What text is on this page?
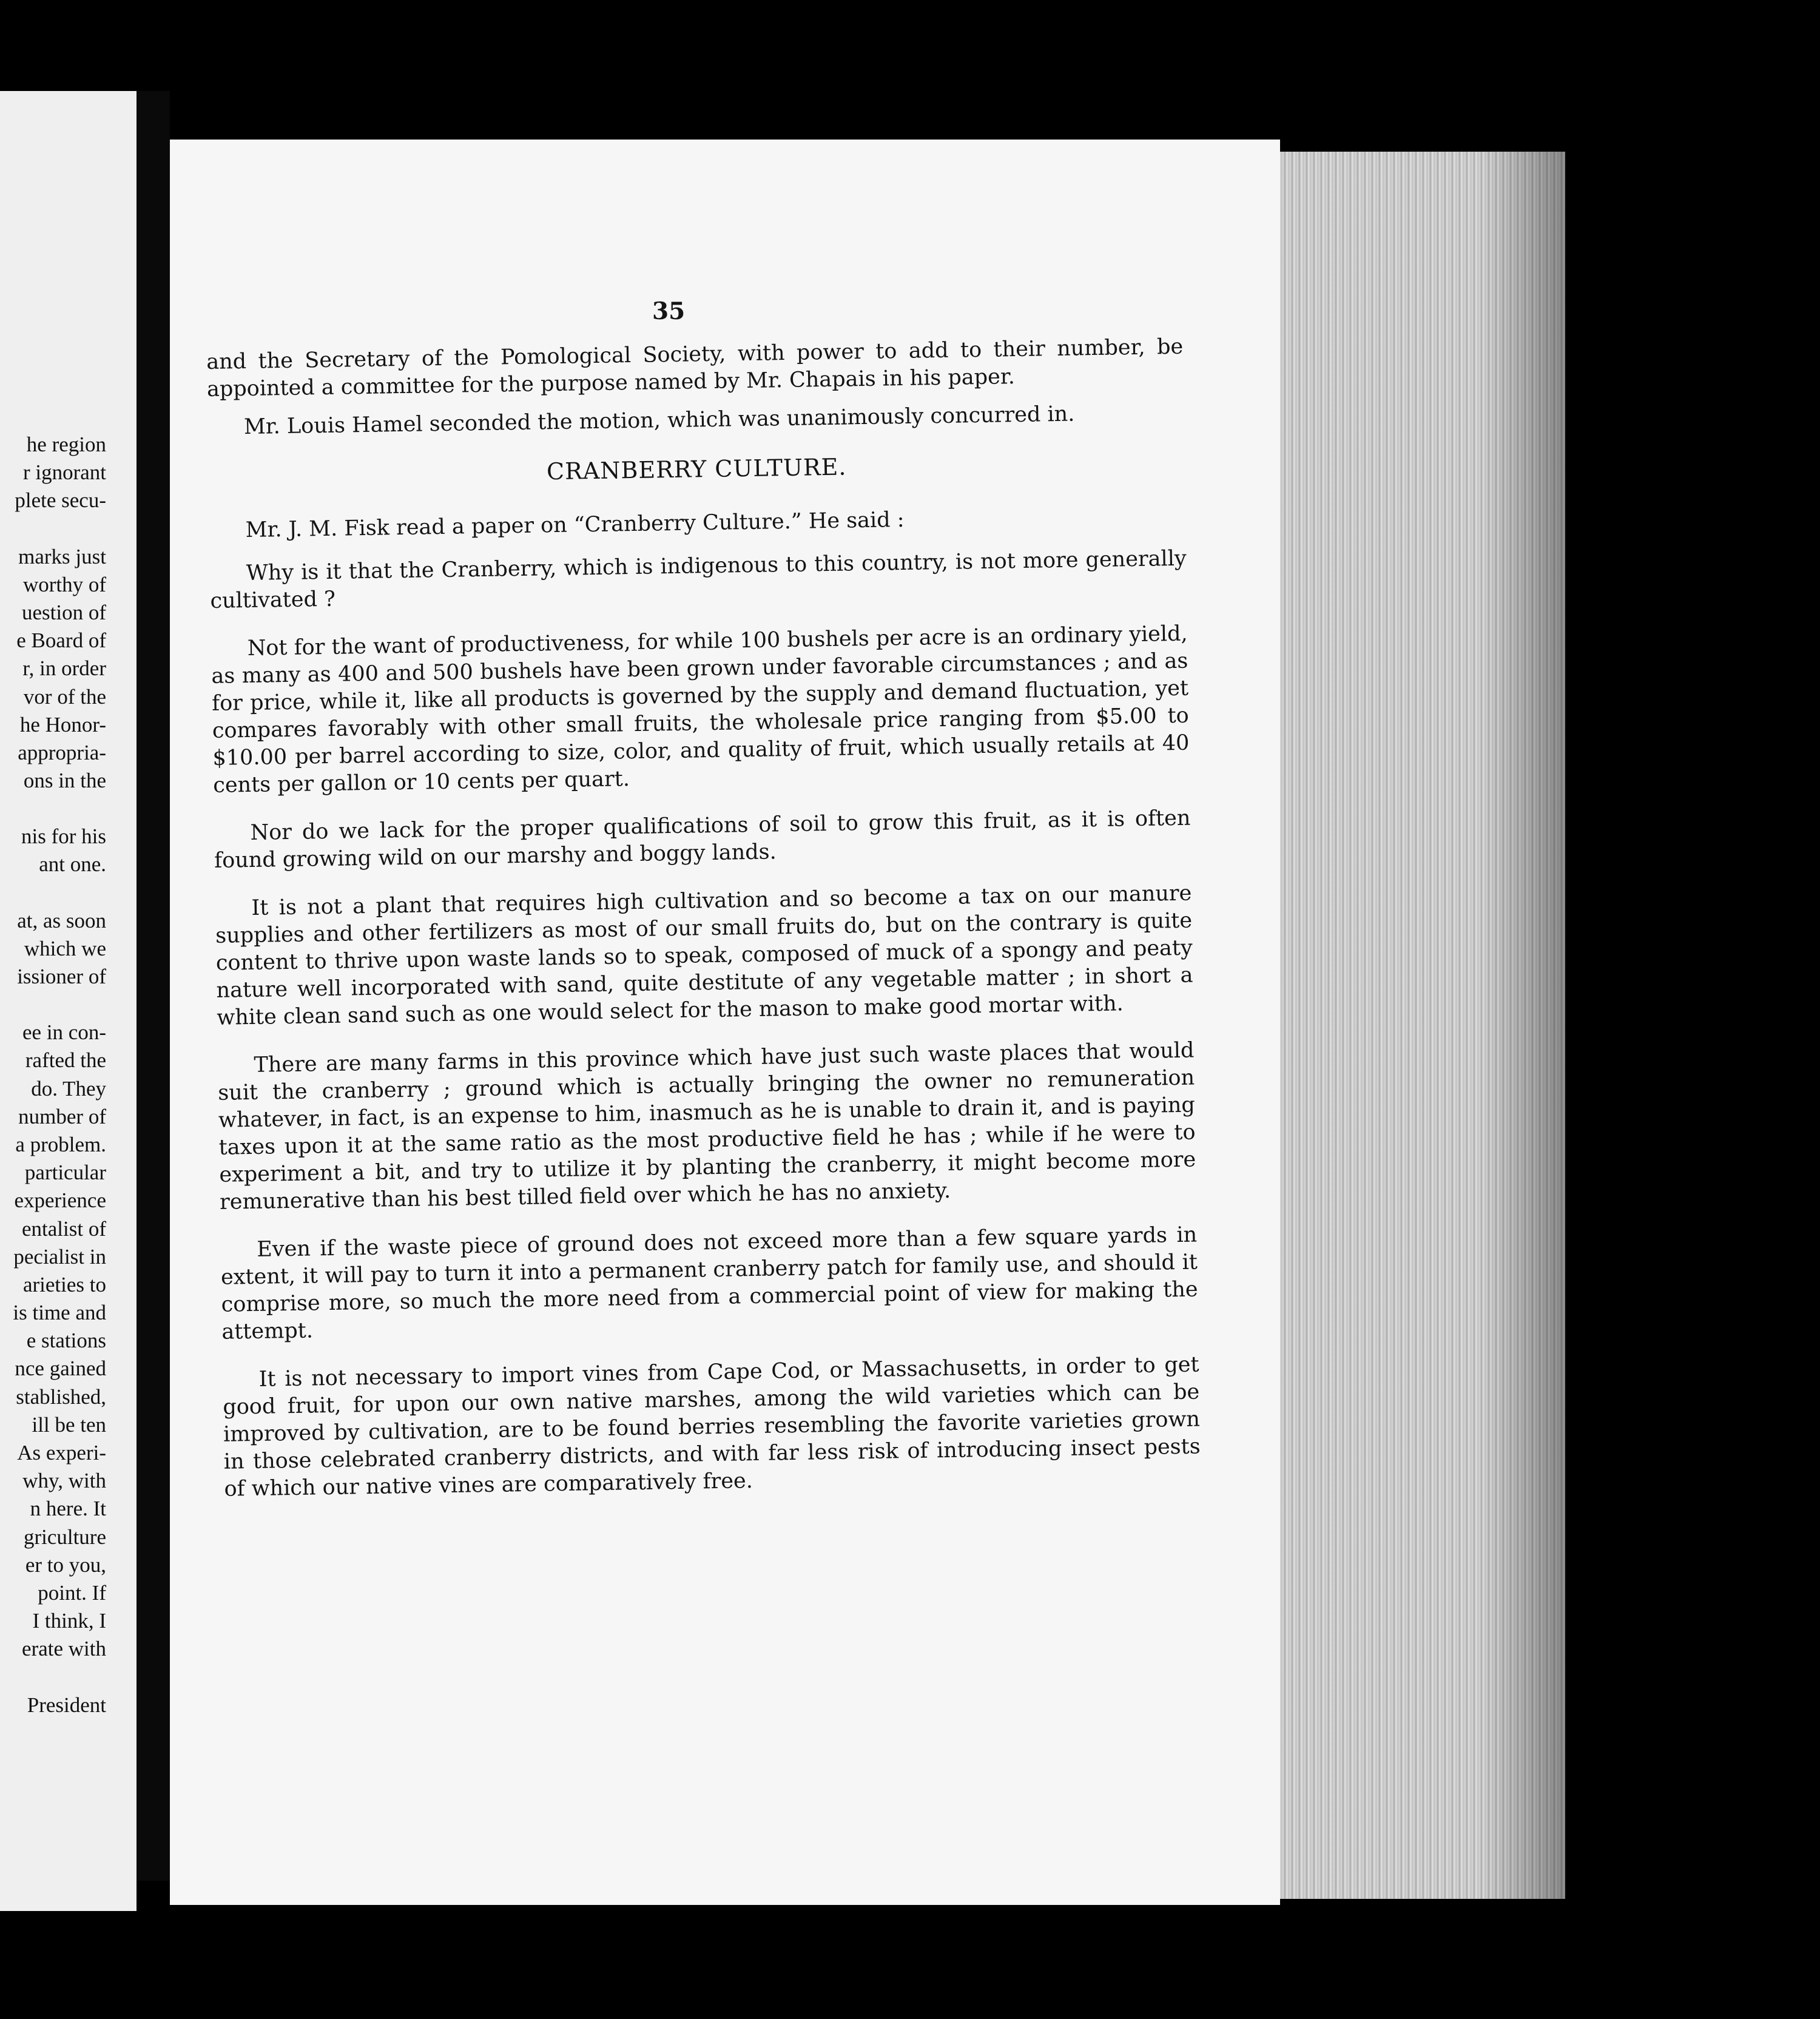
he region
r ignorant
plete secu-
marks just
worthy of
uestion of
e Board of
r, in order
vor of the
he Honor-
appropria-
ons in the
nis for his
ant one.
at, as soon
which we
issioner of
ee in con-
rafted the
do. They
number of
a problem.
particular
experience
entalist of
pecialist in
arieties to
is time and
e stations
nce gained
stablished,
ill be ten
As experi-
why, with
n here. It
griculture
er to you,
point. If
I think, I
erate with
President
35

and the Secretary of the Pomological Society, with power to add to their number, be appointed a committee for the purpose named by Mr. Chapais in his paper.

Mr. Louis Hamel seconded the motion, which was unanimously concurred in.

CRANBERRY CULTURE.

Mr. J. M. Fisk read a paper on “Cranberry Culture.” He said :

Why is it that the Cranberry, which is indigenous to this country, is not more generally cultivated ?

Not for the want of productiveness, for while 100 bushels per acre is an ordinary yield, as many as 400 and 500 bushels have been grown under favorable circumstances ; and as for price, while it, like all products is governed by the supply and demand fluctuation, yet compares favorably with other small fruits, the wholesale price ranging from $5.00 to $10.00 per barrel according to size, color, and quality of fruit, which usually retails at 40 cents per gallon or 10 cents per quart.

Nor do we lack for the proper qualifications of soil to grow this fruit, as it is often found growing wild on our marshy and boggy lands.

It is not a plant that requires high cultivation and so become a tax on our manure supplies and other fertilizers as most of our small fruits do, but on the contrary is quite content to thrive upon waste lands so to speak, composed of muck of a spongy and peaty nature well incorporated with sand, quite destitute of any vegetable matter ; in short a white clean sand such as one would select for the mason to make good mortar with.

There are many farms in this province which have just such waste places that would suit the cranberry ; ground which is actually bringing the owner no remuneration whatever, in fact, is an expense to him, inasmuch as he is unable to drain it, and is paying taxes upon it at the same ratio as the most productive field he has ; while if he were to experiment a bit, and try to utilize it by planting the cranberry, it might become more remunerative than his best tilled field over which he has no anxiety.

Even if the waste piece of ground does not exceed more than a few square yards in extent, it will pay to turn it into a permanent cranberry patch for family use, and should it comprise more, so much the more need from a commercial point of view for making the attempt.

It is not necessary to import vines from Cape Cod, or Massachusetts, in order to get good fruit, for upon our own native marshes, among the wild varieties which can be improved by cultivation, are to be found berries resembling the favorite varieties grown in those celebrated cranberry districts, and with far less risk of introducing insect pests of which our native vines are comparatively free.
